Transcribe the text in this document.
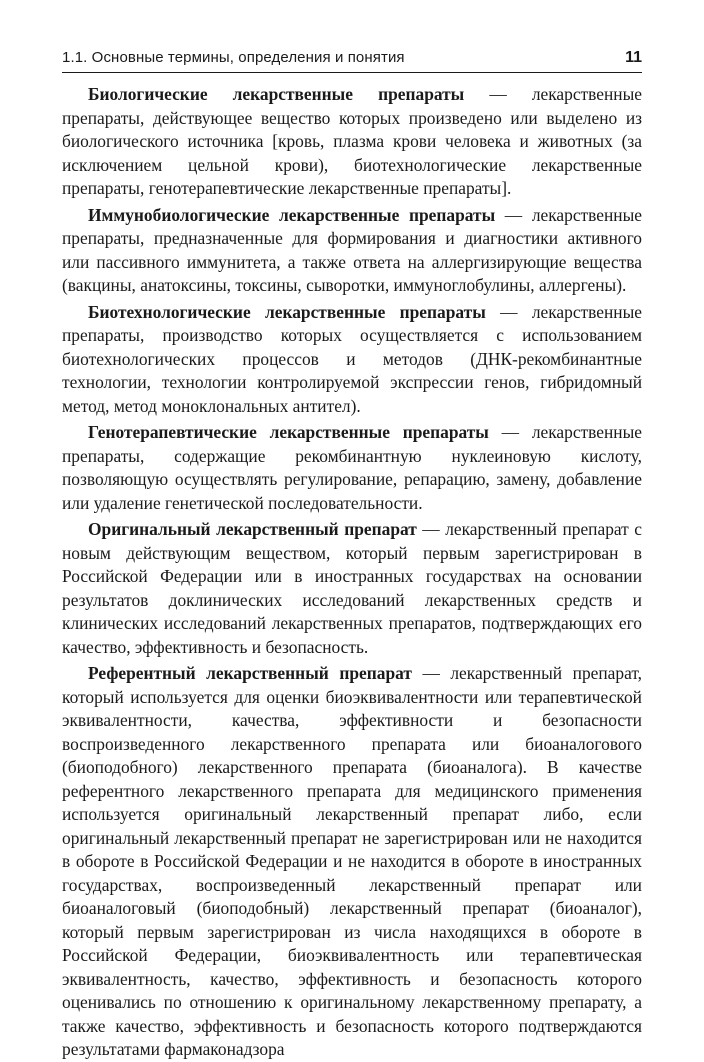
1.1. Основные термины, определения и понятия	11

Биологические лекарственные препараты — лекарственные препараты, действующее вещество которых произведено или выделено из биологического источника [кровь, плазма крови человека и животных (за исключением цельной крови), биотехнологические лекарственные препараты, генотерапевтические лекарственные препараты].

Иммунобиологические лекарственные препараты — лекарственные препараты, предназначенные для формирования и диагностики активного или пассивного иммунитета, а также ответа на аллергизирующие вещества (вакцины, анатоксины, токсины, сыворотки, иммуноглобулины, аллергены).

Биотехнологические лекарственные препараты — лекарственные препараты, производство которых осуществляется с использованием биотехнологических процессов и методов (ДНК-рекомбинантные технологии, технологии контролируемой экспрессии генов, гибридомный метод, метод моноклональных антител).

Генотерапевтические лекарственные препараты — лекарственные препараты, содержащие рекомбинантную нуклеиновую кислоту, позволяющую осуществлять регулирование, репарацию, замену, добавление или удаление генетической последовательности.

Оригинальный лекарственный препарат — лекарственный препарат с новым действующим веществом, который первым зарегистрирован в Российской Федерации или в иностранных государствах на основании результатов доклинических исследований лекарственных средств и клинических исследований лекарственных препаратов, подтверждающих его качество, эффективность и безопасность.

Референтный лекарственный препарат — лекарственный препарат, который используется для оценки биоэквивалентности или терапевтической эквивалентности, качества, эффективности и безопасности воспроизведенного лекарственного препарата или биоаналогового (биоподобного) лекарственного препарата (биоаналога). В качестве референтного лекарственного препарата для медицинского применения используется оригинальный лекарственный препарат либо, если оригинальный лекарственный препарат не зарегистрирован или не находится в обороте в Российской Федерации и не находится в обороте в иностранных государствах, воспроизведенный лекарственный препарат или биоаналоговый (биоподобный) лекарственный препарат (биоаналог), который первым зарегистрирован из числа находящихся в обороте в Российской Федерации, биоэквивалентность или терапевтическая эквивалентность, качество, эффективность и безопасность которого оценивались по отношению к оригинальному лекарственному препарату, а также качество, эффективность и безопасность которого подтверждаются результатами фармаконадзора
